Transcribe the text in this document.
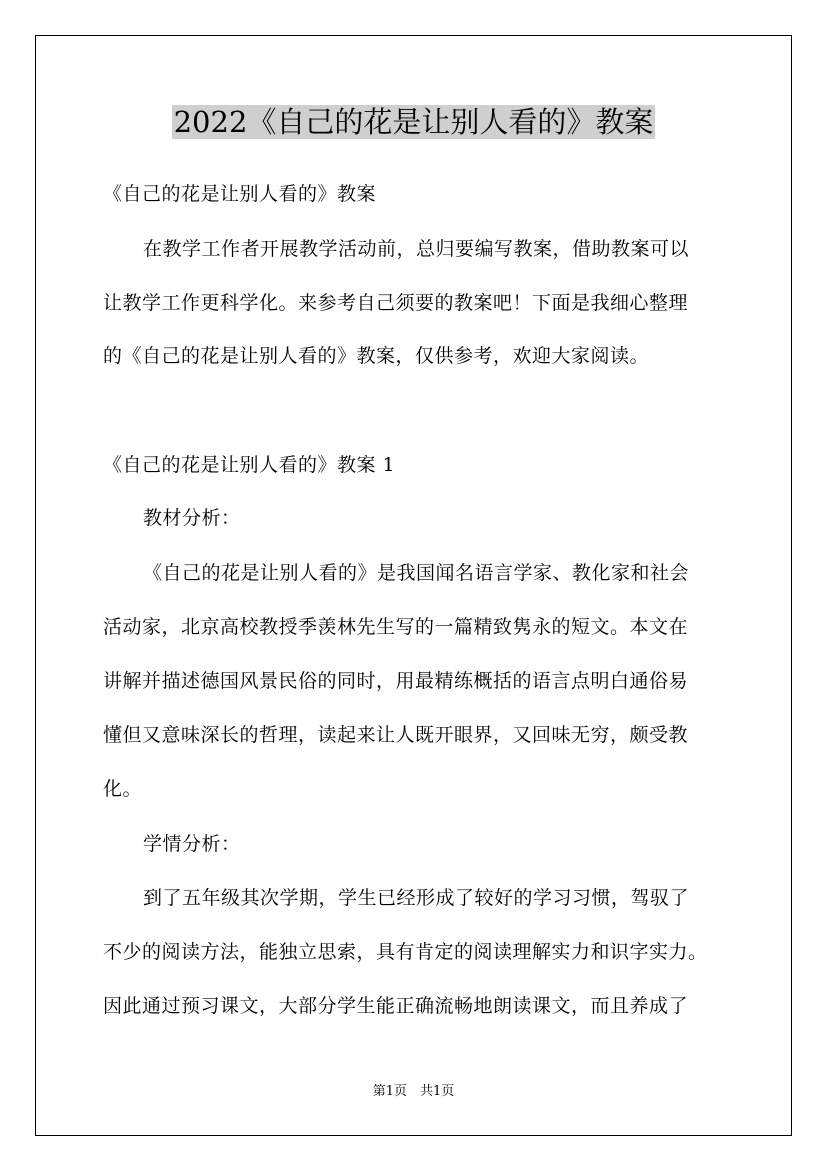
2022《自己的花是让别人看的》教案
《自己的花是让别人看的》教案
在教学工作者开展教学活动前，总归要编写教案，借助教案可以
让教学工作更科学化。来参考自己须要的教案吧！下面是我细心整理
的《自己的花是让别人看的》教案，仅供参考，欢迎大家阅读。
《自己的花是让别人看的》教案 1
教材分析：
《自己的花是让别人看的》是我国闻名语言学家、教化家和社会
活动家，北京高校教授季羡林先生写的一篇精致隽永的短文。本文在
讲解并描述德国风景民俗的同时，用最精练概括的语言点明白通俗易
懂但又意味深长的哲理，读起来让人既开眼界，又回味无穷，颇受教
化。
学情分析：
到了五年级其次学期，学生已经形成了较好的学习习惯，驾驭了
不少的阅读方法，能独立思索，具有肯定的阅读理解实力和识字实力。
因此通过预习课文，大部分学生能正确流畅地朗读课文，而且养成了
第1页　共1页
